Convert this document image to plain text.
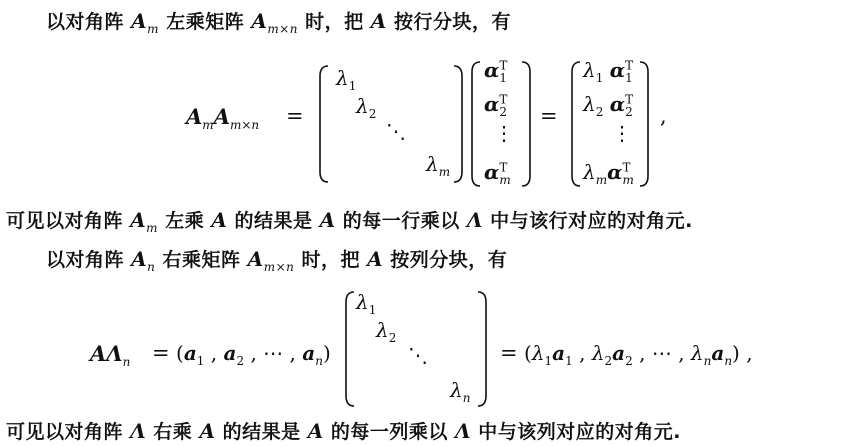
以对角阵 $A_m$ 左乘矩阵 $A_{m\times n}$ 时，把 A 按行分块，有
$A_mA_{m\times n}$ =
$\lambda_1$
$\lambda_2$
⋱
$\lambda_m$
$\alpha^T_1$
$\alpha^T_2$
⋮
$\alpha^T_m$
=
$\lambda_1$ $\alpha^T_1$
$\lambda_2$ $\alpha^T_2$
⋮
$\lambda_m\alpha^T_m$
,
可见以对角阵 $A_m$ 左乘 A 的结果是 A 的每一行乘以 Λ 中与该行对应的对角元.
以对角阵 $A_n$ 右乘矩阵 $A_{m\times n}$ 时，把 A 按列分块，有
$A\Lambda_n = (a_1$ , $a_2$ , ⋯ , $a_n$)
$\lambda_1$
$\lambda_2$
⋱
$\lambda_n$
= ($\lambda_1a_1$ , $\lambda_2a_2$ , ⋯ , $\lambda_na_n$) ,
可见以对角阵 Λ 右乘 A 的结果是 A 的每一列乘以 Λ 中与该列对应的对角元.
